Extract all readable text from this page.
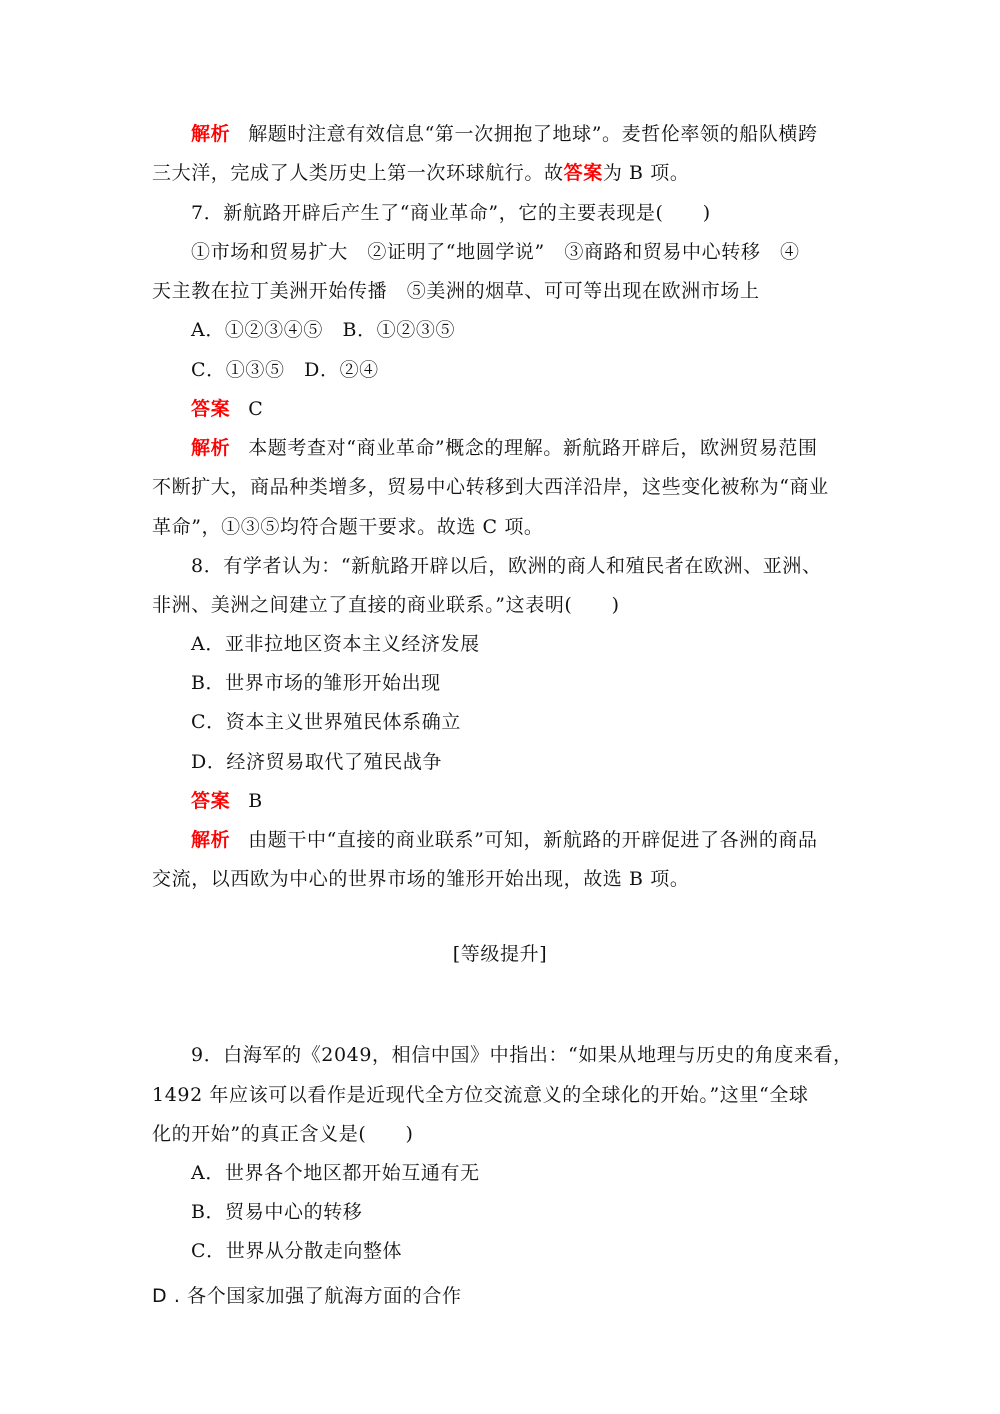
解析 解题时注意有效信息“第一次拥抱了地球”。麦哲伦率领的船队横跨
三大洋，完成了人类历史上第一次环球航行。故答案为 B 项。
7．新航路开辟后产生了“商业革命”，它的主要表现是(　　)
①市场和贸易扩大　②证明了“地圆学说”　③商路和贸易中心转移　④
天主教在拉丁美洲开始传播　⑤美洲的烟草、可可等出现在欧洲市场上
A．①②③④⑤　B．①②③⑤
C．①③⑤　D．②④
答案 C
解析 本题考查对“商业革命”概念的理解。新航路开辟后，欧洲贸易范围
不断扩大，商品种类增多，贸易中心转移到大西洋沿岸，这些变化被称为“商业
革命”，①③⑤均符合题干要求。故选 C 项。
8．有学者认为：“新航路开辟以后，欧洲的商人和殖民者在欧洲、亚洲、
非洲、美洲之间建立了直接的商业联系。”这表明(　　)
A．亚非拉地区资本主义经济发展
B．世界市场的雏形开始出现
C．资本主义世界殖民体系确立
D．经济贸易取代了殖民战争
答案 B
解析 由题干中“直接的商业联系”可知，新航路的开辟促进了各洲的商品
交流，以西欧为中心的世界市场的雏形开始出现，故选 B 项。
[等级提升]
9．白海军的《2049，相信中国》中指出：“如果从地理与历史的角度来看，
1492 年应该可以看作是近现代全方位交流意义的全球化的开始。”这里“全球
化的开始”的真正含义是(　　)
A．世界各个地区都开始互通有无
B．贸易中心的转移
C．世界从分散走向整体
D . 各个国家加强了航海方面的合作
